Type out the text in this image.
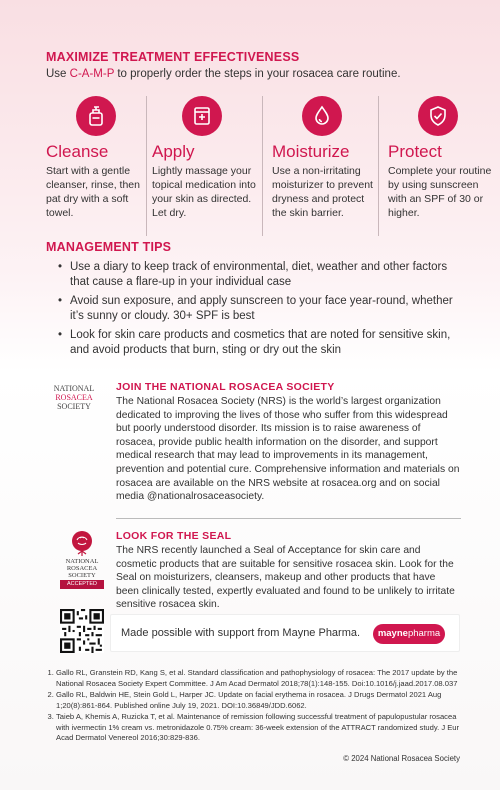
MAXIMIZE TREATMENT EFFECTIVENESS
Use C-A-M-P to properly order the steps in your rosacea care routine.
Cleanse
Start with a gentle cleanser, rinse, then pat dry with a soft towel.
Apply
Lightly massage your topical medication into your skin as directed. Let dry.
Moisturize
Use a non-irritating moisturizer to prevent dryness and protect the skin barrier.
Protect
Complete your routine by using sunscreen with an SPF of 30 or higher.
MANAGEMENT TIPS
• Use a diary to keep track of environmental, diet, weather and other factors that cause a flare-up in your individual case
• Avoid sun exposure, and apply sunscreen to your face year-round, whether it’s sunny or cloudy. 30+ SPF is best
• Look for skin care products and cosmetics that are noted for sensitive skin, and avoid products that burn, sting or dry out the skin
NATIONAL
ROSACEA
SOCIETY
JOIN THE NATIONAL ROSACEA SOCIETY
The National Rosacea Society (NRS) is the world’s largest organization dedicated to improving the lives of those who suffer from this widespread but poorly understood disorder. Its mission is to raise awareness of rosacea, provide public health information on the disorder, and support medical research that may lead to improvements in its management, prevention and potential cure. Comprehensive information and materials on rosacea are available on the NRS website at rosacea.org and on social media @nationalrosaceasociety.
NATIONAL
ROSACEA
SOCIETY
ACCEPTED
LOOK FOR THE SEAL
The NRS recently launched a Seal of Acceptance for skin care and cosmetic products that are suitable for sensitive rosacea skin. Look for the Seal on moisturizers, cleansers, makeup and other products that have been clinically tested, expertly evaluated and found to be unlikely to irritate sensitive rosacea skin.
Made possible with support from Mayne Pharma.	maynepharma
1. Gallo RL, Granstein RD, Kang S, et al. Standard classification and pathophysiology of rosacea: The 2017 update by the National Rosacea Society Expert Committee. J Am Acad Dermatol 2018;78(1):148-155. Doi:10.1016/j.jaad.2017.08.037
2. Gallo RL, Baldwin HE, Stein Gold L, Harper JC. Update on facial erythema in rosacea. J Drugs Dermatol 2021 Aug 1;20(8):861-864. Published online July 19, 2021. DOI:10.36849/JDD.6062.
3. Taieb A, Khemis A, Ruzicka T, et al. Maintenance of remission following successful treatment of papulopustular rosacea with ivermectin 1% cream vs. metronidazole 0.75% cream: 36-week extension of the ATTRACT randomized study. J Eur Acad Dermatol Venereol 2016;30:829-836.
© 2024 National Rosacea Society
